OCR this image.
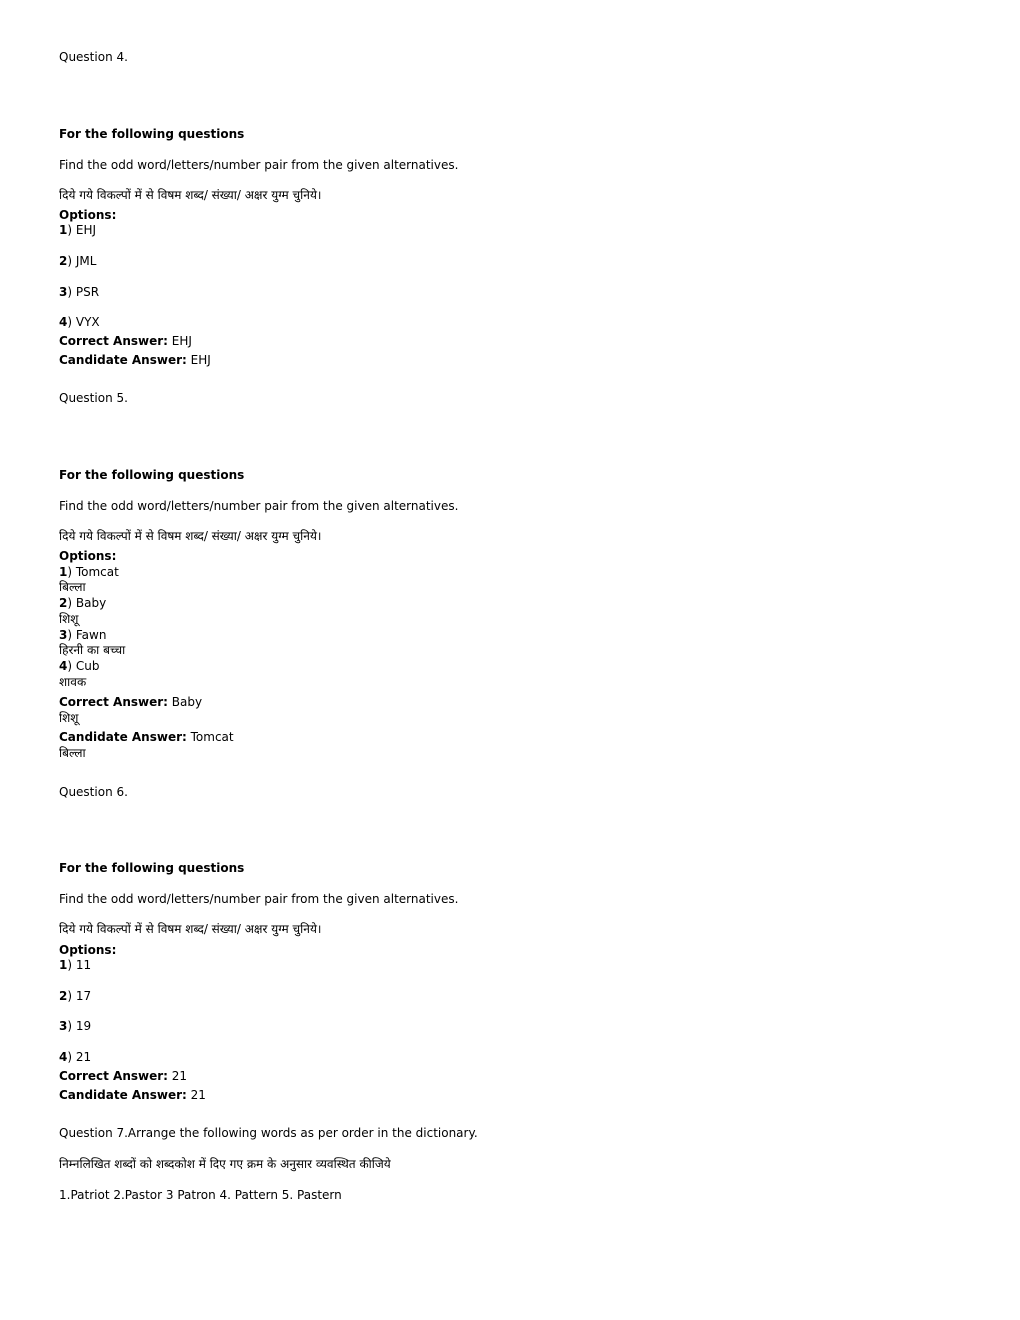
Question 4.
For the following questions
Find the odd word/letters/number pair from the given alternatives.
दिये गये विकल्पों में से विषम शब्द/ संख्या/ अक्षर युग्म चुनिये।
Options:
1) EHJ
2) JML
3) PSR
4) VYX
Correct Answer: EHJ
Candidate Answer: EHJ
Question 5.
For the following questions
Find the odd word/letters/number pair from the given alternatives.
दिये गये विकल्पों में से विषम शब्द/ संख्या/ अक्षर युग्म चुनिये।
Options:
1) Tomcat
बिल्ला
2) Baby
शिशू
3) Fawn
हिरनी का बच्चा
4) Cub
शावक
Correct Answer: Baby
शिशू
Candidate Answer: Tomcat
बिल्ला
Question 6.
For the following questions
Find the odd word/letters/number pair from the given alternatives.
दिये गये विकल्पों में से विषम शब्द/ संख्या/ अक्षर युग्म चुनिये।
Options:
1) 11
2) 17
3) 19
4) 21
Correct Answer: 21
Candidate Answer: 21
Question 7.Arrange the following words as per order in the dictionary.
निम्नलिखित शब्दों को शब्दकोश में दिए गए क्रम के अनुसार व्यवस्थित कीजिये
1.Patriot 2.Pastor 3 Patron 4. Pattern 5. Pastern
